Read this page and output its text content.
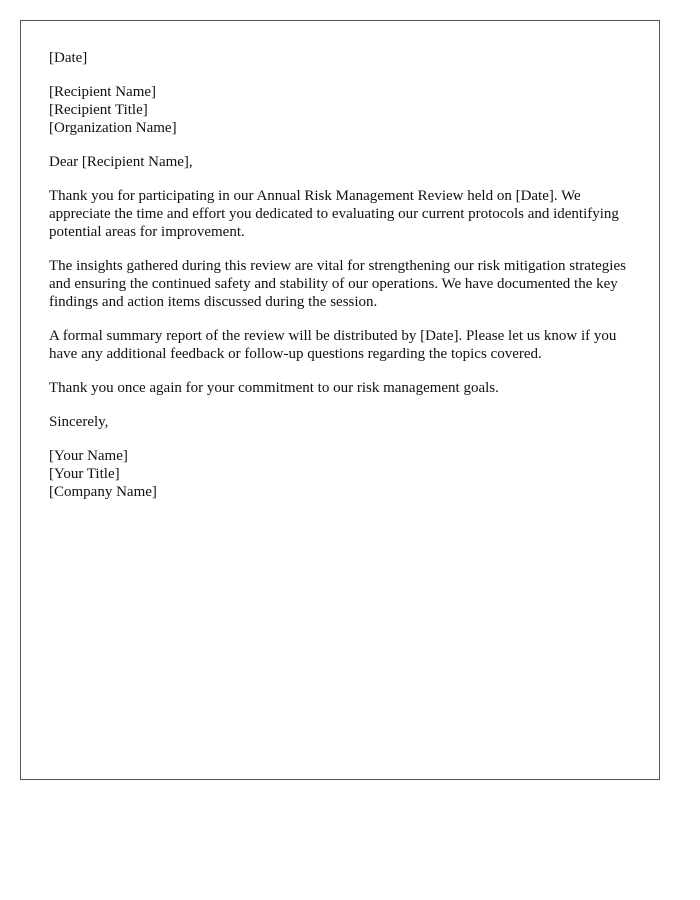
[Date]
[Recipient Name]
[Recipient Title]
[Organization Name]
Dear [Recipient Name],

Thank you for participating in our Annual Risk Management Review held on [Date]. We appreciate the time and effort you dedicated to evaluating our current protocols and identifying potential areas for improvement.

The insights gathered during this review are vital for strengthening our risk mitigation strategies and ensuring the continued safety and stability of our operations. We have documented the key findings and action items discussed during the session.

A formal summary report of the review will be distributed by [Date]. Please let us know if you have any additional feedback or follow-up questions regarding the topics covered.

Thank you once again for your commitment to our risk management goals.

Sincerely,
[Your Name]
[Your Title]
[Company Name]
